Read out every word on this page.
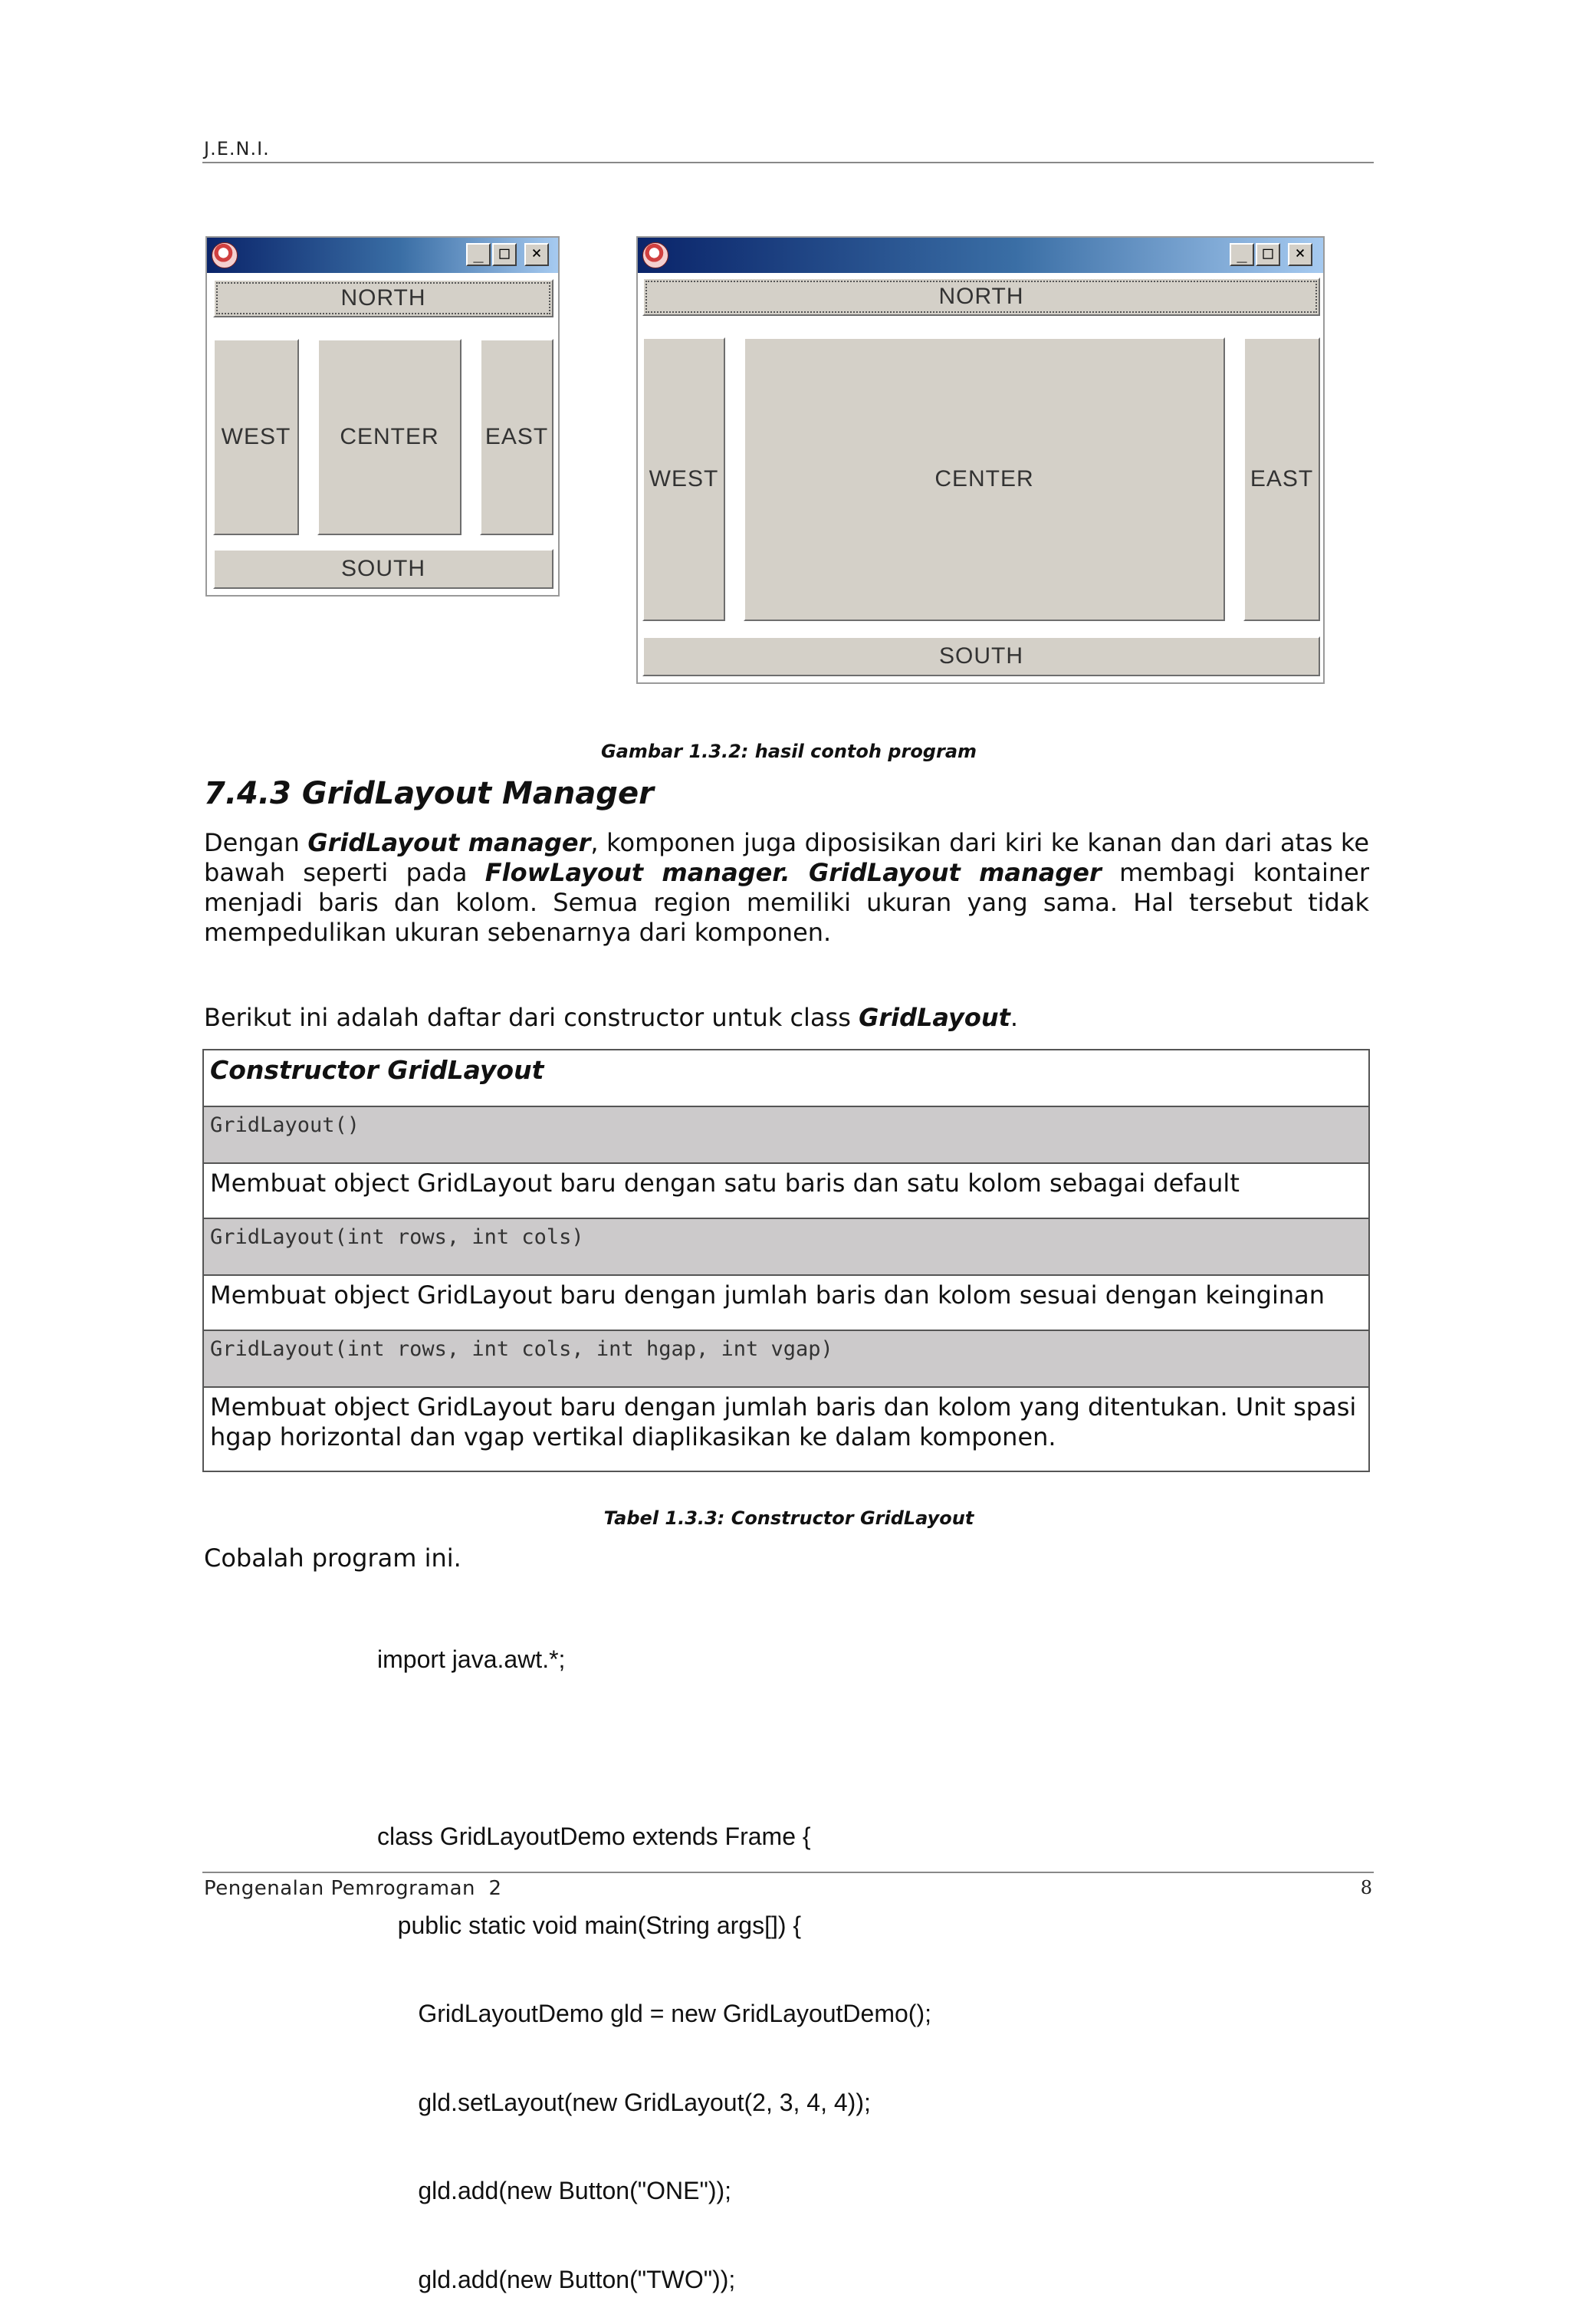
J.E.N.I.
_ □	×
NORTH
WEST	CENTER	EAST
SOUTH
_ □	×
NORTH
WEST	CENTER	EAST
SOUTH
Gambar 1.3.2: hasil contoh program
7.4.3 GridLayout Manager
Dengan GridLayout manager, komponen juga diposisikan dari kiri ke kanan dan dari atas ke bawah seperti pada FlowLayout manager. GridLayout manager membagi kontainer menjadi baris dan kolom. Semua region memiliki ukuran yang sama. Hal tersebut tidak mempedulikan ukuran sebenarnya dari komponen.
Berikut ini adalah daftar dari constructor untuk class GridLayout.
Constructor GridLayout
GridLayout()
Membuat object GridLayout baru dengan satu baris dan satu kolom sebagai default
GridLayout(int rows, int cols)
Membuat object GridLayout baru dengan jumlah baris dan kolom sesuai dengan keinginan
GridLayout(int rows, int cols, int hgap, int vgap)
Membuat object GridLayout baru dengan jumlah baris dan kolom yang ditentukan. Unit spasi hgap horizontal dan vgap vertikal diaplikasikan ke dalam komponen.
Tabel 1.3.3: Constructor GridLayout
Cobalah program ini.

import java.awt.*;

class GridLayoutDemo extends Frame {

public static void main(String args[]) {

GridLayoutDemo gld = new GridLayoutDemo();

gld.setLayout(new GridLayout(2, 3, 4, 4));

gld.add(new Button("ONE"));

gld.add(new Button("TWO"));

Pengenalan Pemrograman  2	8
